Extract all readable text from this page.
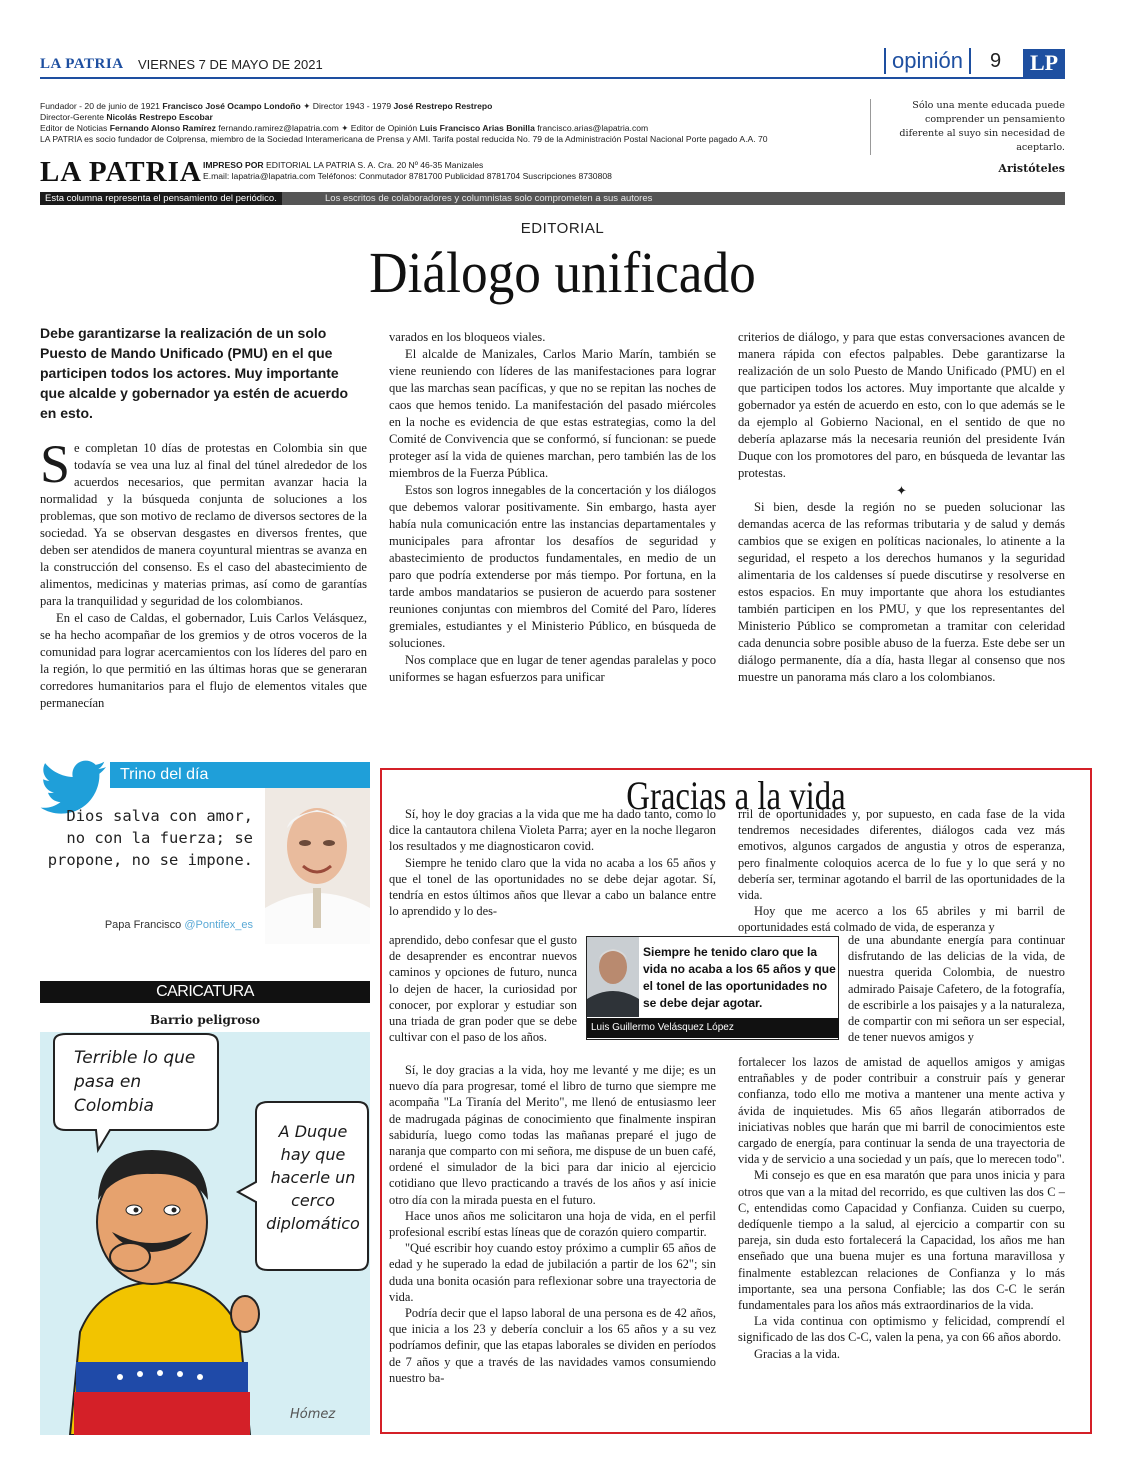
LA PATRIA VIERNES 7 DE MAYO DE 2021	opinión	9	LP
Fundador - 20 de junio de 1921 Francisco José Ocampo Londoño ✦ Director 1943 - 1979 José Restrepo Restrepo
Director-Gerente Nicolás Restrepo Escobar
Editor de Noticias Fernando Alonso Ramírez fernando.ramirez@lapatria.com ✦ Editor de Opinión Luis Francisco Arias Bonilla francisco.arias@lapatria.com
LA PATRIA es socio fundador de Colprensa, miembro de la Sociedad Interamericana de Prensa y AMI. Tarifa postal reducida No. 79 de la Administración Postal Nacional Porte pagado A.A. 70
LA PATRIA IMPRESO POR EDITORIAL LA PATRIA S. A. Cra. 20 Nº 46-35 Manizales
E.mail: lapatria@lapatria.com Teléfonos: Conmutador 8781700 Publicidad 8781704 Suscripciones 8730808
Sólo una mente educada puede comprender un pensamiento diferente al suyo sin necesidad de aceptarlo.
Aristóteles
Esta columna representa el pensamiento del periódico.	Los escritos de colaboradores y columnistas solo comprometen a sus autores
EDITORIAL
Diálogo unificado
Debe garantizarse la realización de un solo Puesto de Mando Unificado (PMU) en el que participen todos los actores. Muy importante que alcalde y gobernador ya estén de acuerdo en esto.

Se completan 10 días de protestas en Colombia sin que todavía se vea una luz al final del túnel alrededor de los acuerdos necesarios, que permitan avanzar hacia la normalidad y la búsqueda conjunta de soluciones a los problemas, que son motivo de reclamo de diversos sectores de la sociedad. Ya se observan desgastes en diversos frentes, que deben ser atendidos de manera coyuntural mientras se avanza en la construcción del consenso. Es el caso del abastecimiento de alimentos, medicinas y materias primas, así como de garantías para la tranquilidad y seguridad de los colombianos.

En el caso de Caldas, el gobernador, Luis Carlos Velásquez, se ha hecho acompañar de los gremios y de otros voceros de la comunidad para lograr acercamientos con los líderes del paro en la región, lo que permitió en las últimas horas que se generaran corredores humanitarios para el flujo de elementos vitales que permanecían

varados en los bloqueos viales.

El alcalde de Manizales, Carlos Mario Marín, también se viene reuniendo con líderes de las manifestaciones para lograr que las marchas sean pacíficas, y que no se repitan las noches de caos que hemos tenido. La manifestación del pasado miércoles en la noche es evidencia de que estas estrategias, como la del Comité de Convivencia que se conformó, sí funcionan: se puede proteger así la vida de quienes marchan, pero también las de los miembros de la Fuerza Pública.

Estos son logros innegables de la concertación y los diálogos que debemos valorar positivamente. Sin embargo, hasta ayer había nula comunicación entre las instancias departamentales y municipales para afrontar los desafíos de seguridad y abastecimiento de productos fundamentales, en medio de un paro que podría extenderse por más tiempo. Por fortuna, en la tarde ambos mandatarios se pusieron de acuerdo para sostener reuniones conjuntas con miembros del Comité del Paro, líderes gremiales, estudiantes y el Ministerio Público, en búsqueda de soluciones.

Nos complace que en lugar de tener agendas paralelas y poco uniformes se hagan esfuerzos para unificar

criterios de diálogo, y para que estas conversaciones avancen de manera rápida con efectos palpables. Debe garantizarse la realización de un solo Puesto de Mando Unificado (PMU) en el que participen todos los actores. Muy importante que alcalde y gobernador ya estén de acuerdo en esto, con lo que además se le da ejemplo al Gobierno Nacional, en el sentido de que no debería aplazarse más la necesaria reunión del presidente Iván Duque con los promotores del paro, en búsqueda de levantar las protestas.

✦

Si bien, desde la región no se pueden solucionar las demandas acerca de las reformas tributaria y de salud y demás cambios que se exigen en políticas nacionales, lo atinente a la seguridad, el respeto a los derechos humanos y la seguridad alimentaria de los caldenses sí puede discutirse y resolverse en estos espacios. En muy importante que ahora los estudiantes también participen en los PMU, y que los representantes del Ministerio Público se comprometan a tramitar con celeridad cada denuncia sobre posible abuso de la fuerza. Este debe ser un diálogo permanente, día a día, hasta llegar al consenso que nos muestre un panorama más claro a los colombianos.

Trino del día
Dios salva con amor, no con la fuerza; se propone, no se impone.
Papa Francisco @Pontifex_es
CARICATURA
Barrio peligroso
Terrible lo que pasa en Colombia
A Duque hay que hacerle un cerco diplomático
Hómez
Gracias a la vida

Sí, hoy le doy gracias a la vida que me ha dado tanto, como lo dice la cantautora chilena Violeta Parra; ayer en la noche llegaron los resultados y me diagnosticaron covid.

Siempre he tenido claro que la vida no acaba a los 65 años y que el tonel de las oportunidades no se debe dejar agotar. Sí, tendría en estos últimos años que llevar a cabo un balance entre lo aprendido y lo des-

aprendido, debo confesar que el gusto de desaprender es encontrar nuevos caminos y opciones de futuro, nunca lo dejen de hacer, la curiosidad por conocer, por explorar y estudiar son una triada de gran poder que se debe cultivar con el paso de los años.

Sí, le doy gracias a la vida, hoy me levanté y me dije; es un nuevo día para progresar, tomé el libro de turno que siempre me acompaña "La Tiranía del Merito", me llenó de entusiasmo leer de madrugada páginas de conocimiento que finalmente inspiran sabiduría, luego como todas las mañanas preparé el jugo de naranja que comparto con mi señora, me dispuse de un buen café, ordené el simulador de la bici para dar inicio al ejercicio cotidiano que llevo practicando a través de los años y así inicie otro día con la mirada puesta en el futuro.

Hace unos años me solicitaron una hoja de vida, en el perfil profesional escribí estas líneas que de corazón quiero compartir.

"Qué escribir hoy cuando estoy próximo a cumplir 65 años de edad y he superado la edad de jubilación a partir de los 62"; sin duda una bonita ocasión para reflexionar sobre una trayectoria de vida.

Podría decir que el lapso laboral de una persona es de 42 años, que inicia a los 23 y debería concluir a los 65 años y a su vez podríamos definir, que las etapas laborales se dividen en períodos de 7 años y que a través de las navidades vamos consumiendo nuestro ba-

rril de oportunidades y, por supuesto, en cada fase de la vida tendremos necesidades diferentes, diálogos cada vez más emotivos, algunos cargados de angustia y otros de esperanza, pero finalmente coloquios acerca de lo fue y lo que será y no debería ser, terminar agotando el barril de las oportunidades de la vida.

Hoy que me acerco a los 65 abriles y mi barril de oportunidades está colmado de vida, de esperanza y

de una abundante energía para continuar disfrutando de las delicias de la vida, de nuestra querida Colombia, de nuestro admirado Paisaje Cafetero, de la fotografía, de escribirle a los paisajes y a la naturaleza, de compartir con mi señora un ser especial, de tener nuevos amigos y

fortalecer los lazos de amistad de aquellos amigos y amigas entrañables y de poder contribuir a construir país y generar confianza, todo ello me motiva a mantener una mente activa y ávida de inquietudes. Mis 65 años llegarán atiborrados de iniciativas nobles que harán que mi barril de conocimientos este cargado de energía, para continuar la senda de una trayectoria de vida y de servicio a una sociedad y un país, que lo merecen todo".

Mi consejo es que en esa maratón que para unos inicia y para otros que van a la mitad del recorrido, es que cultiven las dos C – C, entendidas como Capacidad y Confianza. Cuiden su cuerpo, dedíquenle tiempo a la salud, al ejercicio a compartir con su pareja, sin duda esto fortalecerá la Capacidad, los años me han enseñado que una buena mujer es una fortuna maravillosa y finalmente establezcan relaciones de Confianza y lo más importante, sea una persona Confiable; las dos C-C le serán fundamentales para los años más extraordinarios de la vida.

La vida continua con optimismo y felicidad, comprendí el significado de las dos C-C, valen la pena, ya con 66 años abordo.

Gracias a la vida.

Siempre he tenido claro que la vida no acaba a los 65 años y que el tonel de las oportunidades no se debe dejar agotar.
Luis Guillermo Velásquez López
